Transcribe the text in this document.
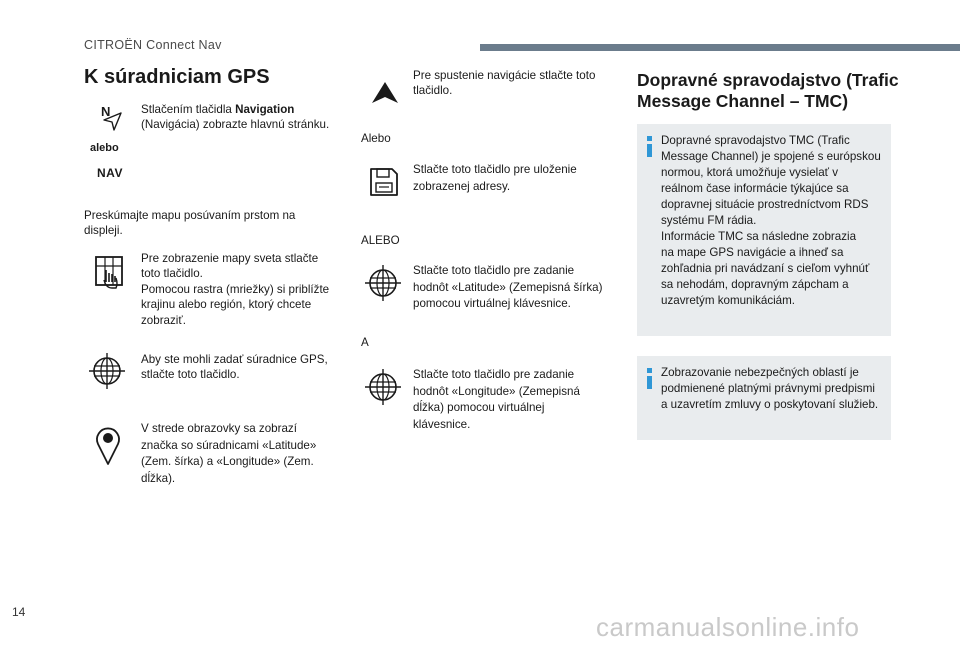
CITROËN Connect Nav
14	carmanualsonline.info
K súradniciam GPS
N
alebo
NAV
Stlačením tlačidla Navigation
(Navigácia) zobrazte hlavnú stránku.
Preskúmajte mapu posúvaním prstom na
displeji.
Pre zobrazenie mapy sveta stlačte
toto tlačidlo.
Pomocou rastra (mriežky) si priblížte
krajinu alebo región, ktorý chcete
zobraziť.
Aby ste mohli zadať súradnice GPS,
stlačte toto tlačidlo.
V strede obrazovky sa zobrazí
značka so súradnicami «Latitude»
(Zem. šírka) a «Longitude» (Zem.
dĺžka).
Pre spustenie navigácie stlačte toto
tlačidlo.
Alebo
Stlačte toto tlačidlo pre uloženie
zobrazenej adresy.
ALEBO
Stlačte toto tlačidlo pre zadanie
hodnôt «Latitude» (Zemepisná šírka)
pomocou virtuálnej klávesnice.
A
Stlačte toto tlačidlo pre zadanie
hodnôt «Longitude» (Zemepisná
dĺžka) pomocou virtuálnej
klávesnice.
Dopravné spravodajstvo (Trafic
Message Channel – TMC)
Dopravné spravodajstvo TMC (Trafic
Message Channel) je spojené s európskou
normou, ktorá umožňuje vysielať v
reálnom čase informácie týkajúce sa
dopravnej situácie prostredníctvom RDS
systému FM rádia.
Informácie TMC sa následne zobrazia
na mape GPS navigácie a ihneď sa
zohľadnia pri navádzaní s cieľom vyhnúť
sa nehodám, dopravným zápcham a
uzavretým komunikáciám.
Zobrazovanie nebezpečných oblastí je
podmienené platnými právnymi predpismi
a uzavretím zmluvy o poskytovaní služieb.
